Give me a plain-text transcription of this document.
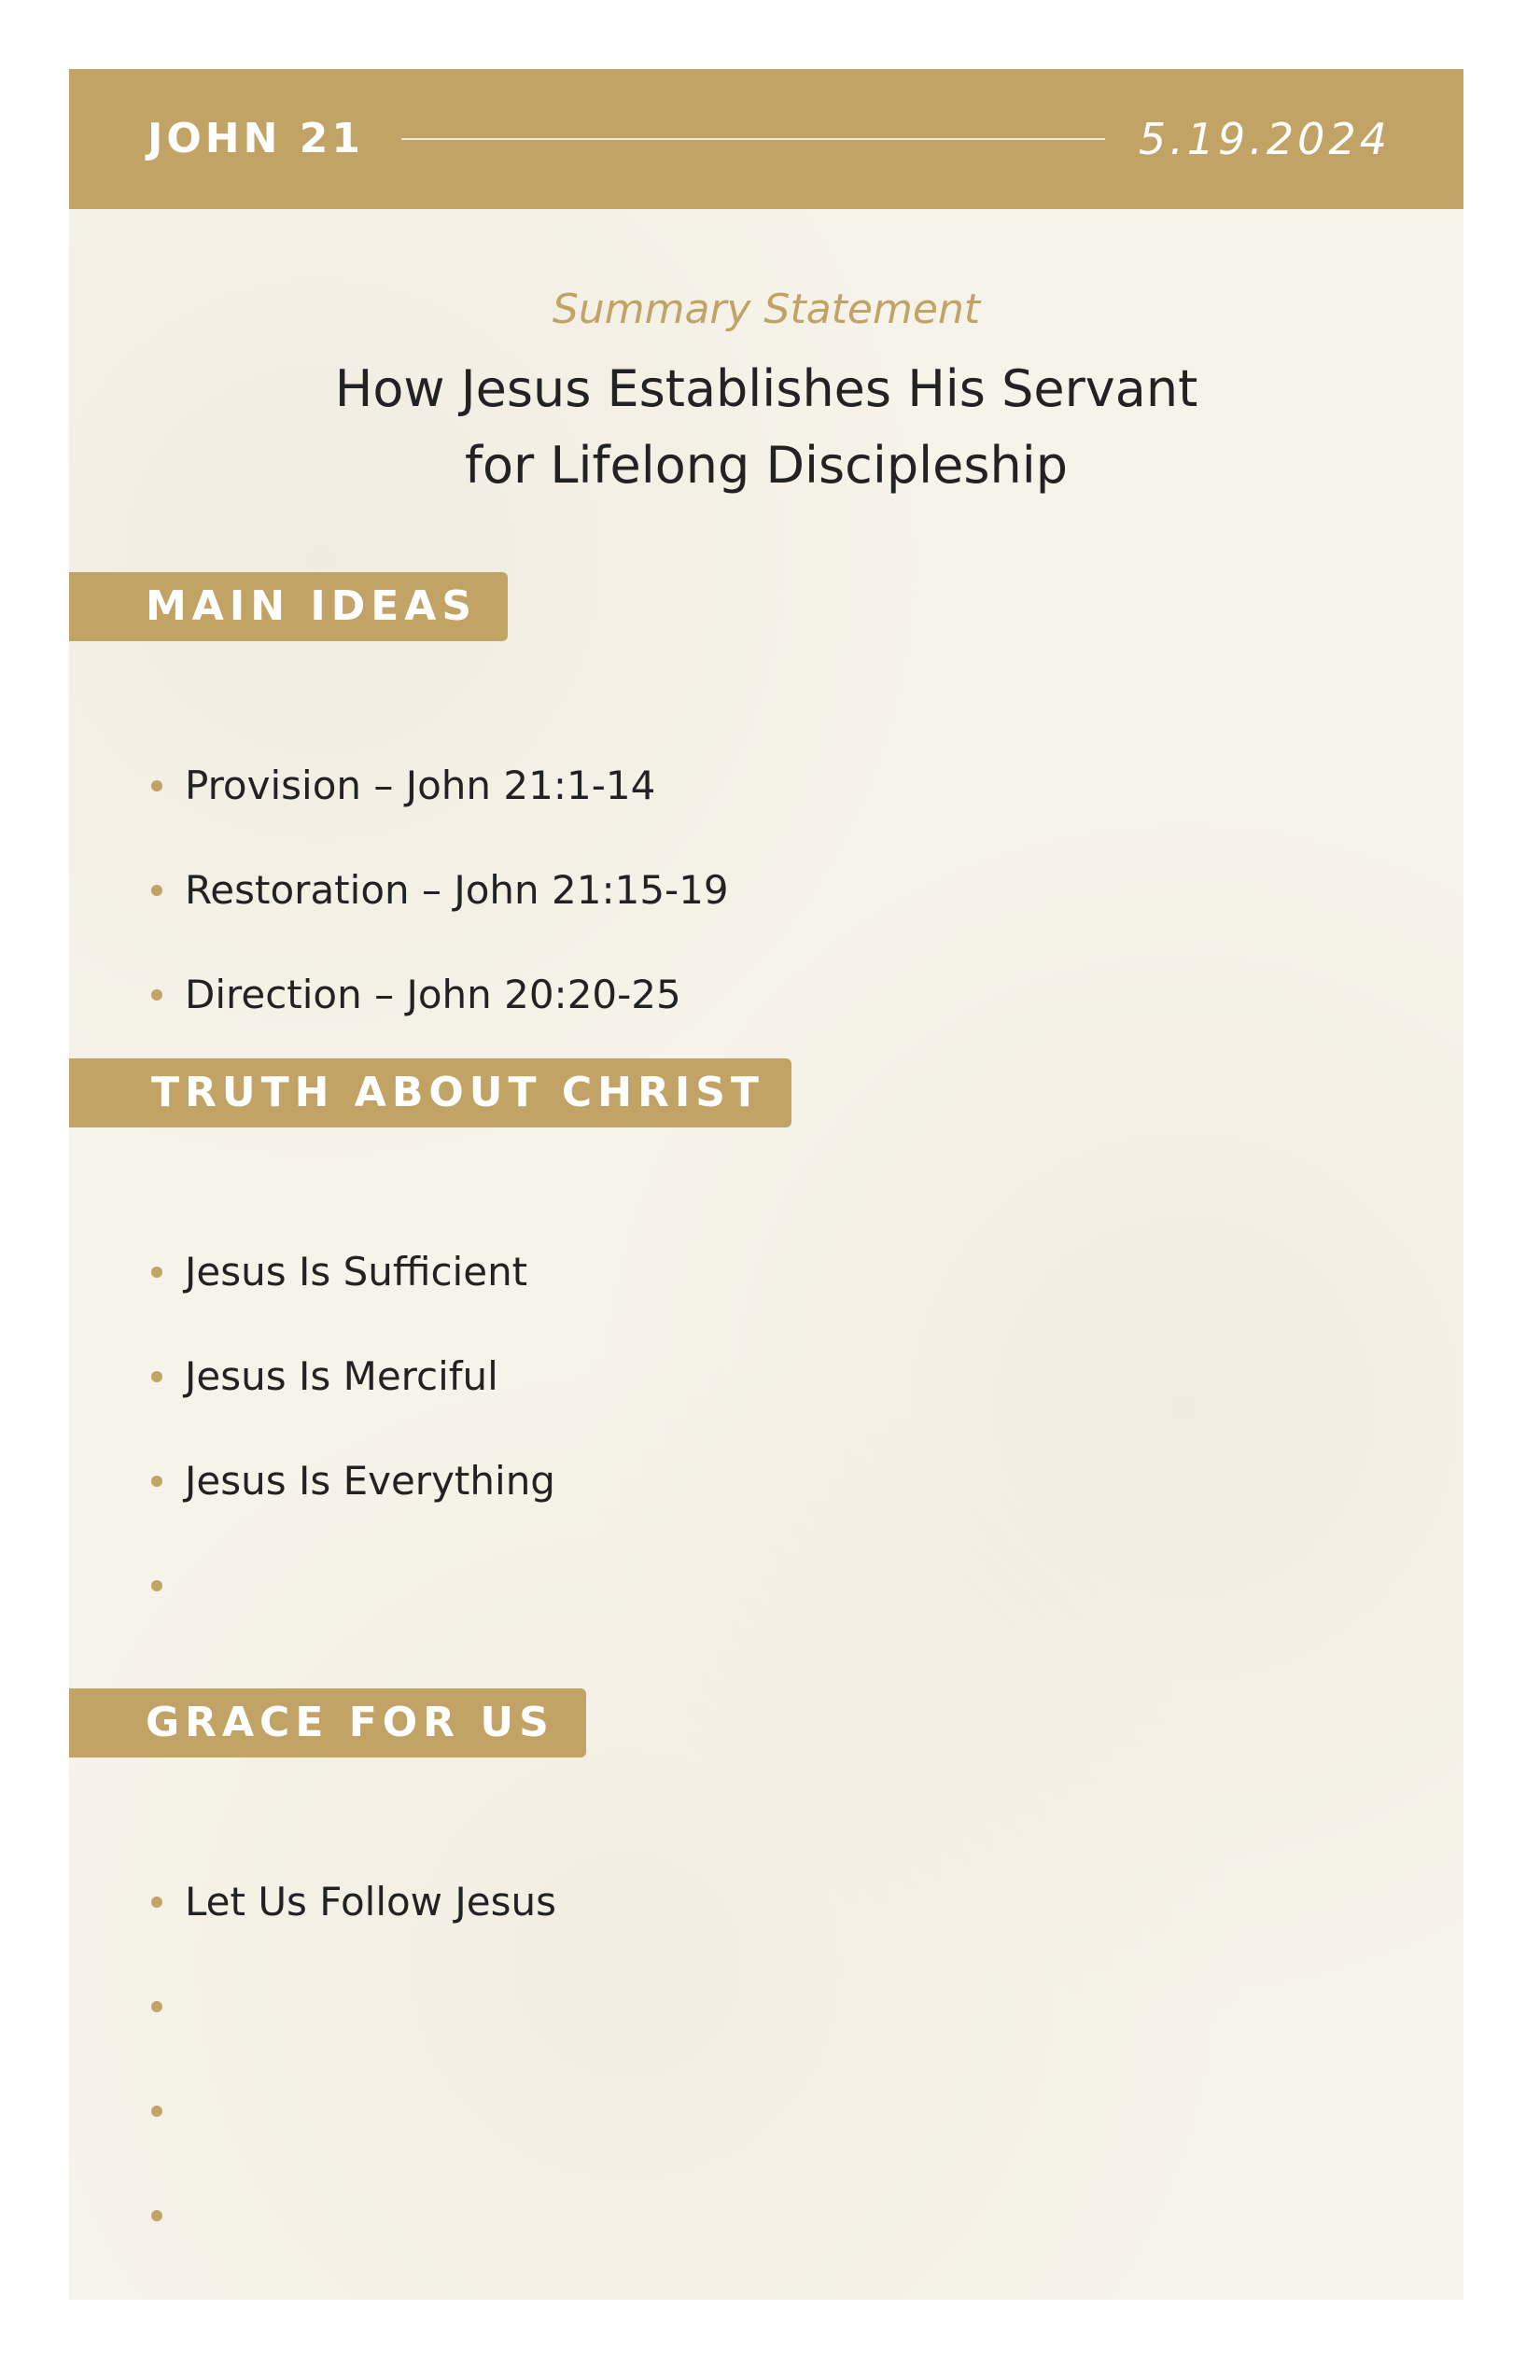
JOHN 21	5.19.2024
Summary Statement
How Jesus Establishes His Servant
for Lifelong Discipleship
MAIN IDEAS
Provision – John 21:1-14
Restoration – John 21:15-19
Direction – John 20:20-25
TRUTH ABOUT CHRIST
Jesus Is Sufficient
Jesus Is Merciful
Jesus Is Everything
GRACE FOR US
Let Us Follow Jesus
